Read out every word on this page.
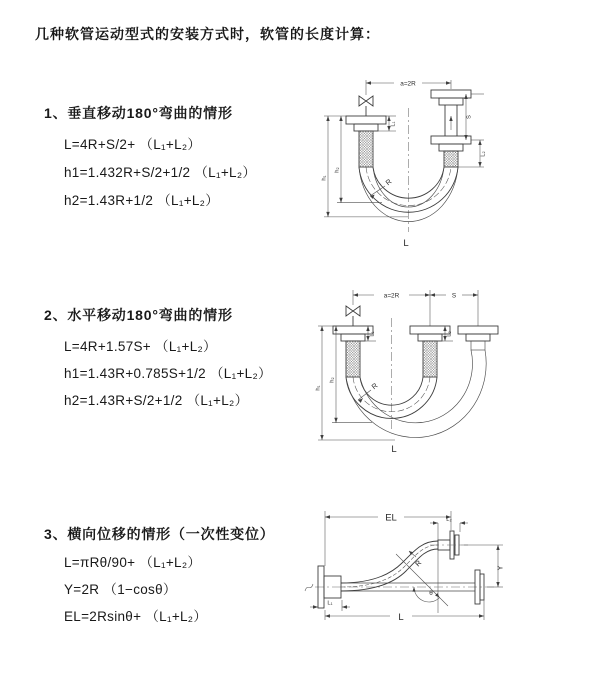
几种软管运动型式的安装方式时，软管的长度计算：
1、垂直移动180°弯曲的情形
L=4R+S/2+ （L₁+L₂）
h1=1.432R+S/2+1/2 （L₁+L₂）
h2=1.43R+1/2 （L₁+L₂）
2、水平移动180°弯曲的情形
L=4R+1.57S+ （L₁+L₂）
h1=1.43R+0.785S+1/2 （L₁+L₂）
h2=1.43R+S/2+1/2 （L₁+L₂）
3、横向位移的情形（一次性变位）
L=πRθ/90+ （L₁+L₂）
Y=2R （1−cosθ）
EL=2Rsinθ+ （L₁+L₂）
a=2R
h₁
h₂
L₁
S
L₂
R
L
a=2R	S
h₁
h₂
L₁	L₂
R
L
EL	L₂
Y
θ
R
L₁
L
